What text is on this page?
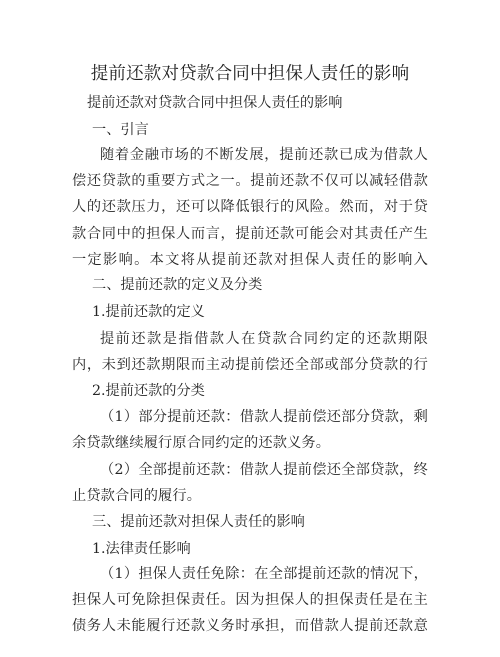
提前还款对贷款合同中担保人责任的影响
提前还款对贷款合同中担保人责任的影响
一、引言
随着金融市场的不断发展，提前还款已成为借款人偿还贷款的重要方式之一。提前还款不仅可以减轻借款人的还款压力，还可以降低银行的风险。然而，对于贷款合同中的担保人而言，提前还款可能会对其责任产生一定影响。本文将从提前还款对担保人责任的影响入
二、提前还款的定义及分类
1.提前还款的定义
提前还款是指借款人在贷款合同约定的还款期限内，未到还款期限而主动提前偿还全部或部分贷款的行
2.提前还款的分类
（1）部分提前还款：借款人提前偿还部分贷款，剩余贷款继续履行原合同约定的还款义务。
（2）全部提前还款：借款人提前偿还全部贷款，终止贷款合同的履行。
三、提前还款对担保人责任的影响
1.法律责任影响
（1）担保人责任免除：在全部提前还款的情况下，担保人可免除担保责任。因为担保人的担保责任是在主债务人未能履行还款义务时承担，而借款人提前还款意
